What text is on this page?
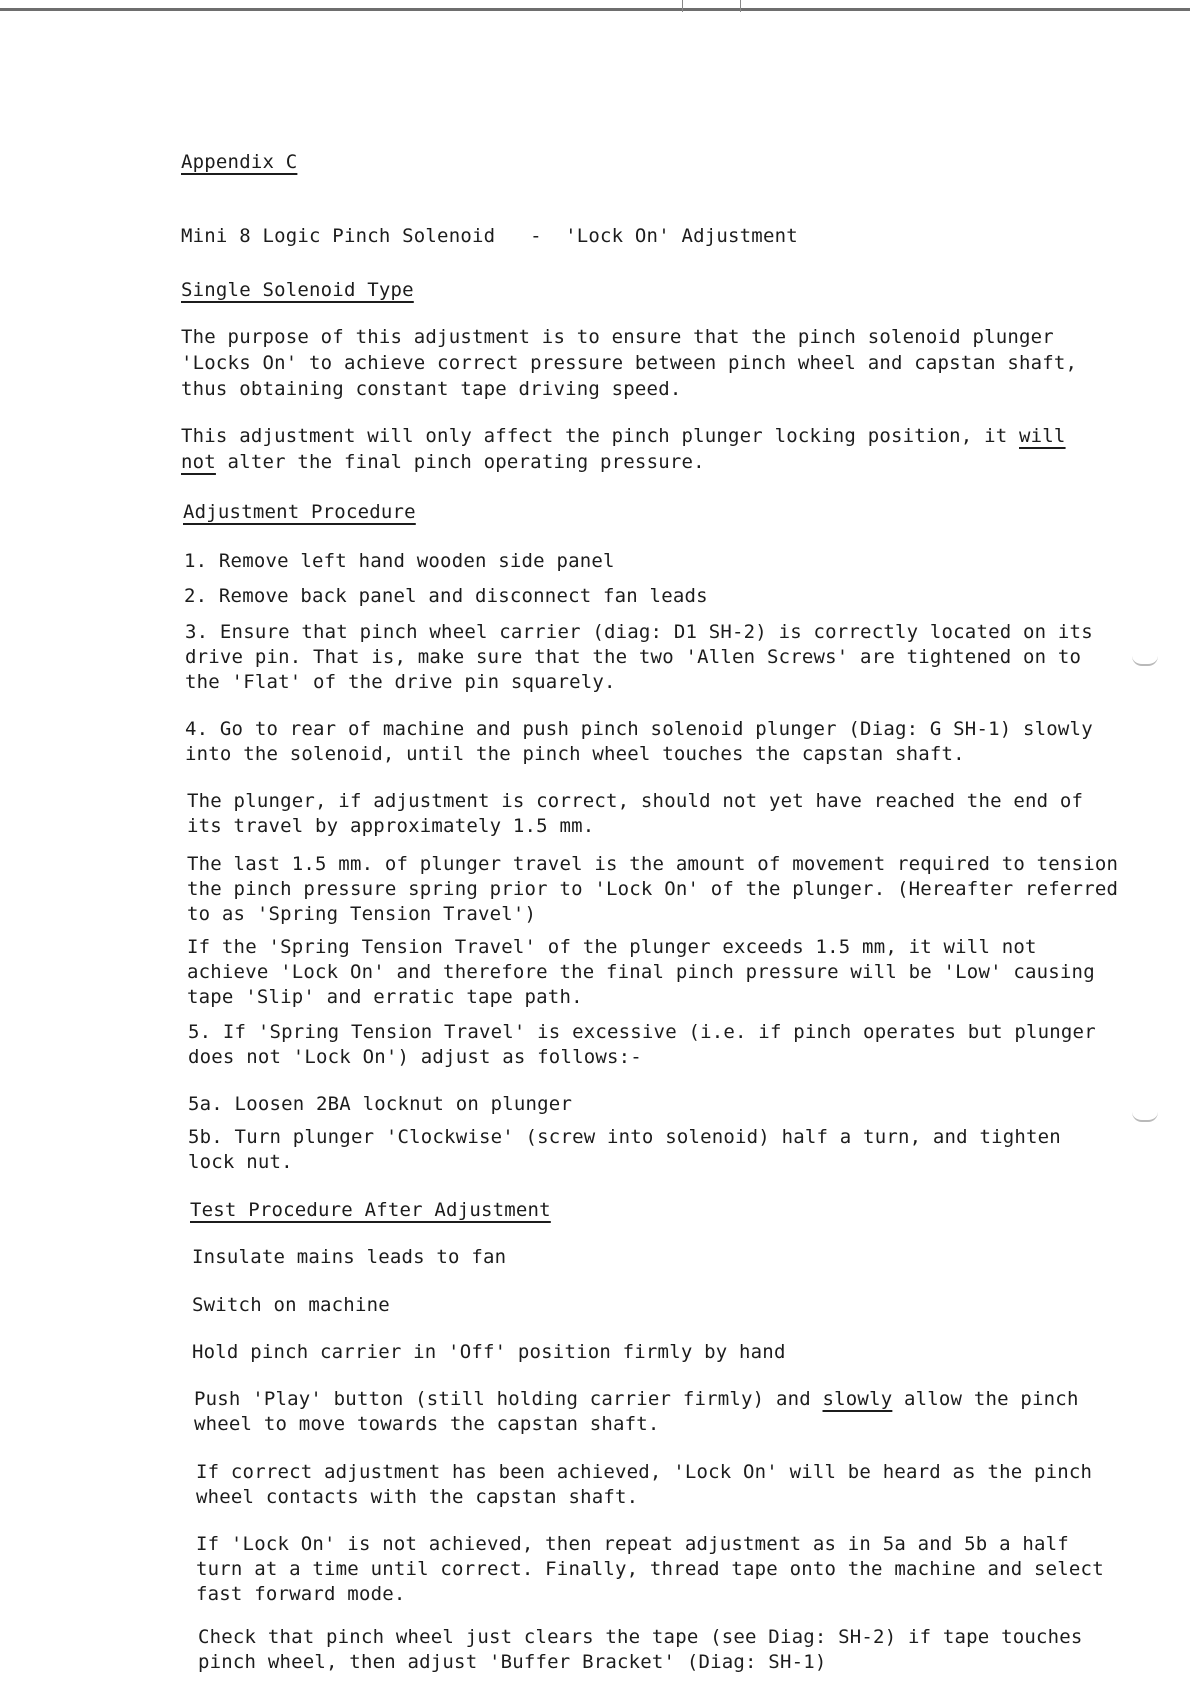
Appendix C
Mini 8 Logic Pinch Solenoid   -  'Lock On' Adjustment
Single Solenoid Type
The purpose of this adjustment is to ensure that the pinch solenoid plunger
'Locks On' to achieve correct pressure between pinch wheel and capstan shaft,
thus obtaining constant tape driving speed.
This adjustment will only affect the pinch plunger locking position, it will
not alter the final pinch operating pressure.
Adjustment Procedure
1. Remove left hand wooden side panel
2. Remove back panel and disconnect fan leads
3. Ensure that pinch wheel carrier (diag: D1 SH-2) is correctly located on its
drive pin. That is, make sure that the two 'Allen Screws' are tightened on to
the 'Flat' of the drive pin squarely.
4. Go to rear of machine and push pinch solenoid plunger (Diag: G SH-1) slowly
into the solenoid, until the pinch wheel touches the capstan shaft.
The plunger, if adjustment is correct, should not yet have reached the end of
its travel by approximately 1.5 mm.
The last 1.5 mm. of plunger travel is the amount of movement required to tension
the pinch pressure spring prior to 'Lock On' of the plunger. (Hereafter referred
to as 'Spring Tension Travel')
If the 'Spring Tension Travel' of the plunger exceeds 1.5 mm, it will not
achieve 'Lock On' and therefore the final pinch pressure will be 'Low' causing
tape 'Slip' and erratic tape path.
5. If 'Spring Tension Travel' is excessive (i.e. if pinch operates but plunger
does not 'Lock On') adjust as follows:-
5a. Loosen 2BA locknut on plunger
5b. Turn plunger 'Clockwise' (screw into solenoid) half a turn, and tighten
lock nut.
Test Procedure After Adjustment
Insulate mains leads to fan
Switch on machine
Hold pinch carrier in 'Off' position firmly by hand
Push 'Play' button (still holding carrier firmly) and slowly allow the pinch
wheel to move towards the capstan shaft.
If correct adjustment has been achieved, 'Lock On' will be heard as the pinch
wheel contacts with the capstan shaft.
If 'Lock On' is not achieved, then repeat adjustment as in 5a and 5b a half
turn at a time until correct. Finally, thread tape onto the machine and select
fast forward mode.
Check that pinch wheel just clears the tape (see Diag: SH-2) if tape touches
pinch wheel, then adjust 'Buffer Bracket' (Diag: SH-1)
